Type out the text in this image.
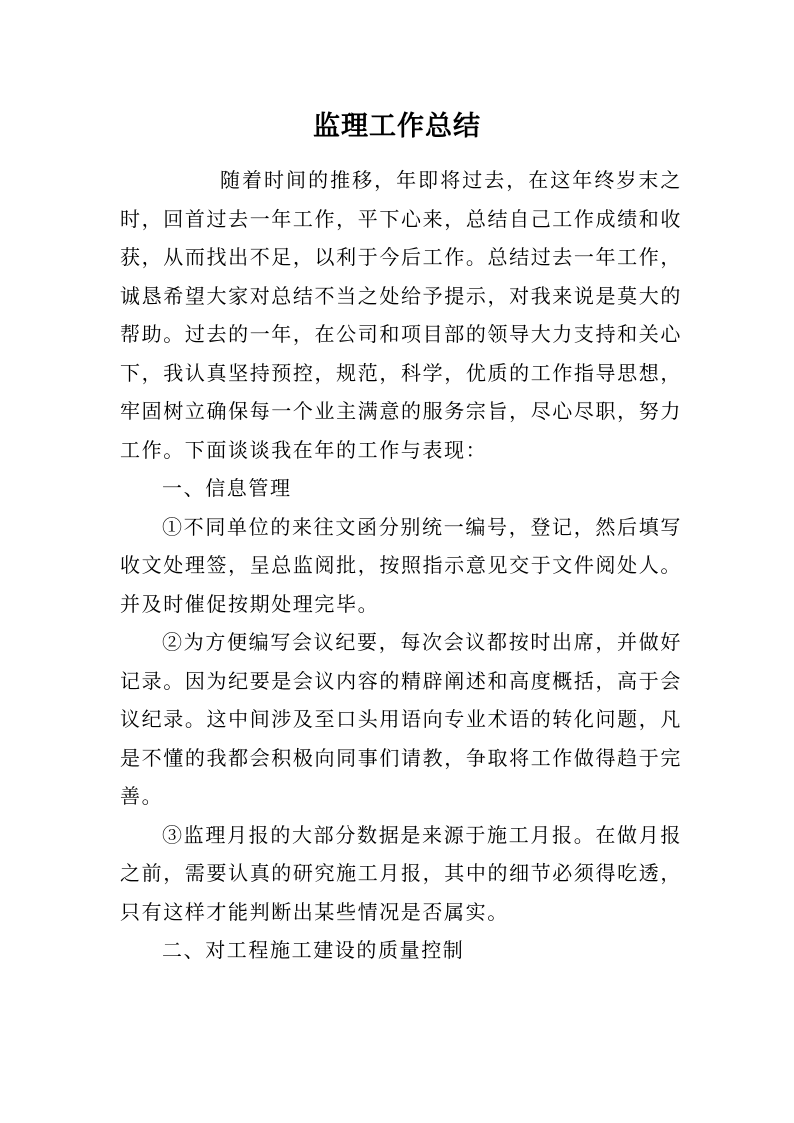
监理工作总结

随着时间的推移，年即将过去，在这年终岁末之时，回首过去一年工作，平下心来，总结自己工作成绩和收获，从而找出不足，以利于今后工作。总结过去一年工作，诚恳希望大家对总结不当之处给予提示，对我来说是莫大的帮助。过去的一年，在公司和项目部的领导大力支持和关心下，我认真坚持预控，规范，科学，优质的工作指导思想，牢固树立确保每一个业主满意的服务宗旨，尽心尽职，努力工作。下面谈谈我在年的工作与表现：

一、信息管理

①不同单位的来往文函分别统一编号，登记，然后填写收文处理签，呈总监阅批，按照指示意见交于文件阅处人。并及时催促按期处理完毕。

②为方便编写会议纪要，每次会议都按时出席，并做好记录。因为纪要是会议内容的精辟阐述和高度概括，高于会议纪录。这中间涉及至口头用语向专业术语的转化问题，凡是不懂的我都会积极向同事们请教，争取将工作做得趋于完善。

③监理月报的大部分数据是来源于施工月报。在做月报之前，需要认真的研究施工月报，其中的细节必须得吃透，只有这样才能判断出某些情况是否属实。

二、对工程施工建设的质量控制
